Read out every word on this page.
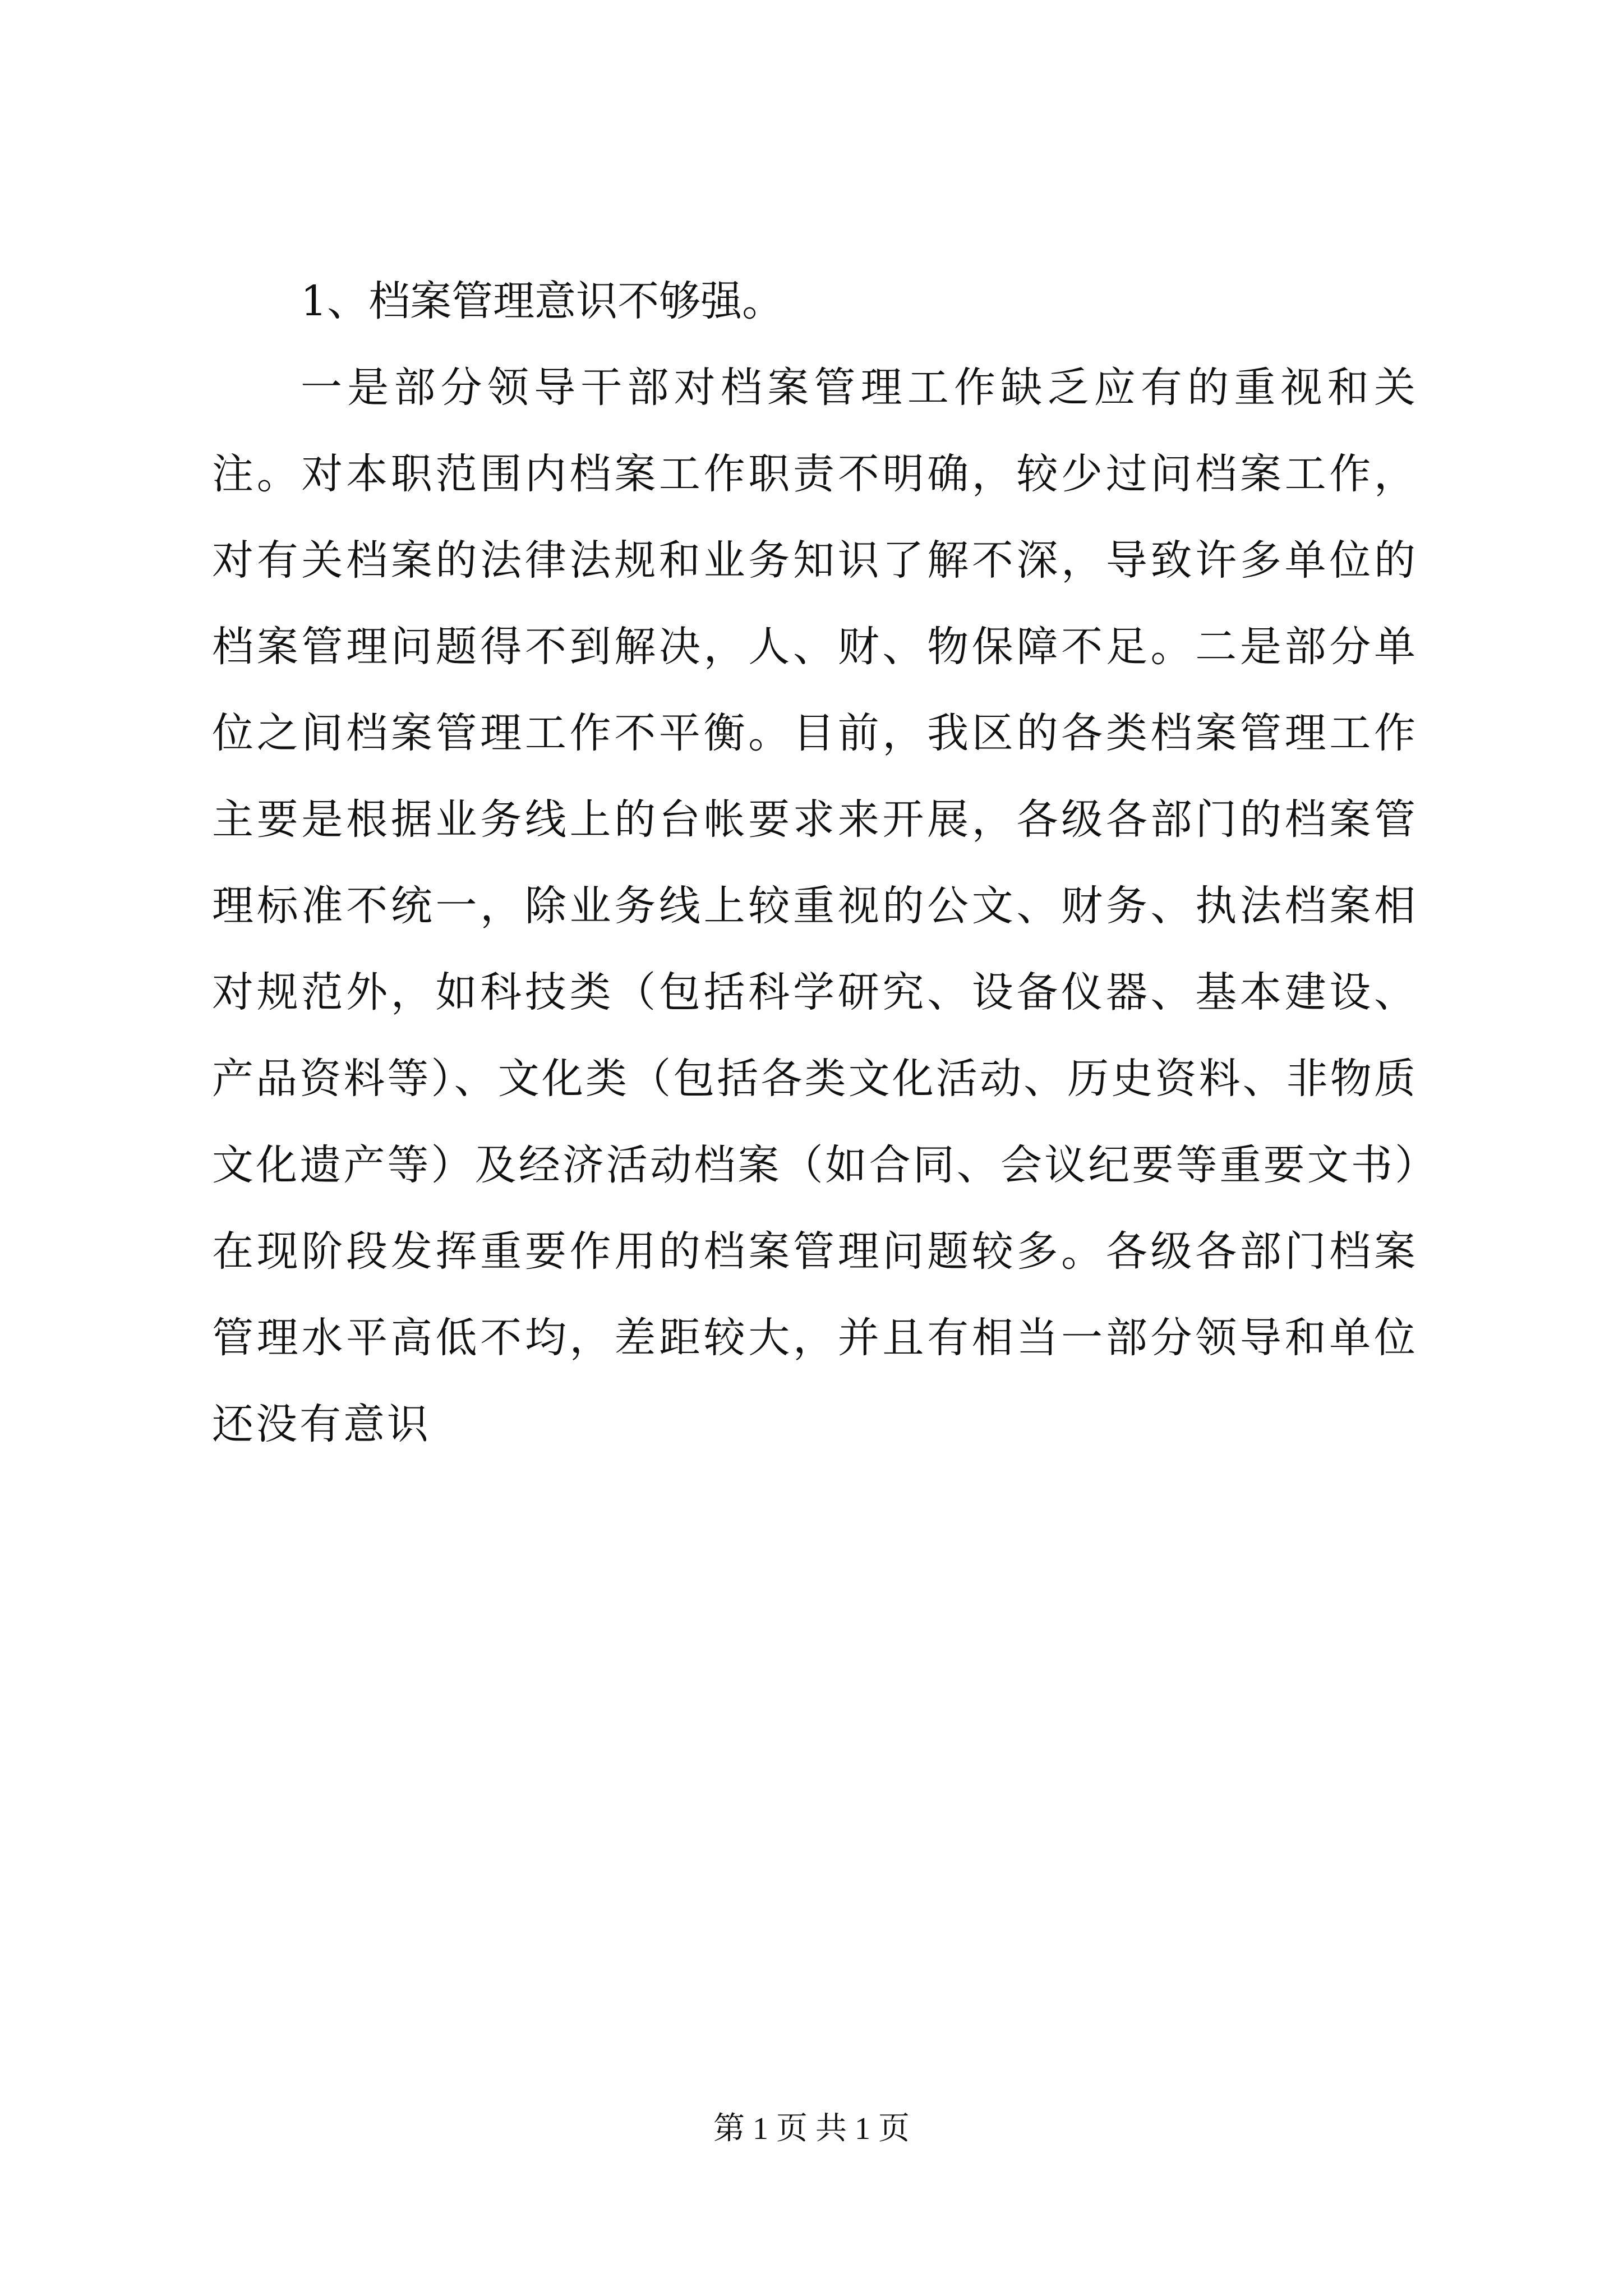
1、档案管理意识不够强。

一是部分领导干部对档案管理工作缺乏应有的重视和关注。对本职范围内档案工作职责不明确，较少过问档案工作，对有关档案的法律法规和业务知识了解不深，导致许多单位的档案管理问题得不到解决，人、财、物保障不足。二是部分单位之间档案管理工作不平衡。目前，我区的各类档案管理工作主要是根据业务线上的台帐要求来开展，各级各部门的档案管理标准不统一，除业务线上较重视的公文、财务、执法档案相对规范外，如科技类（包括科学研究、设备仪器、基本建设、产品资料等）、文化类（包括各类文化活动、历史资料、非物质文化遗产等）及经济活动档案（如合同、会议纪要等重要文书）在现阶段发挥重要作用的档案管理问题较多。各级各部门档案管理水平高低不均，差距较大，并且有相当一部分领导和单位还没有意识

第 1 页 共 1 页
